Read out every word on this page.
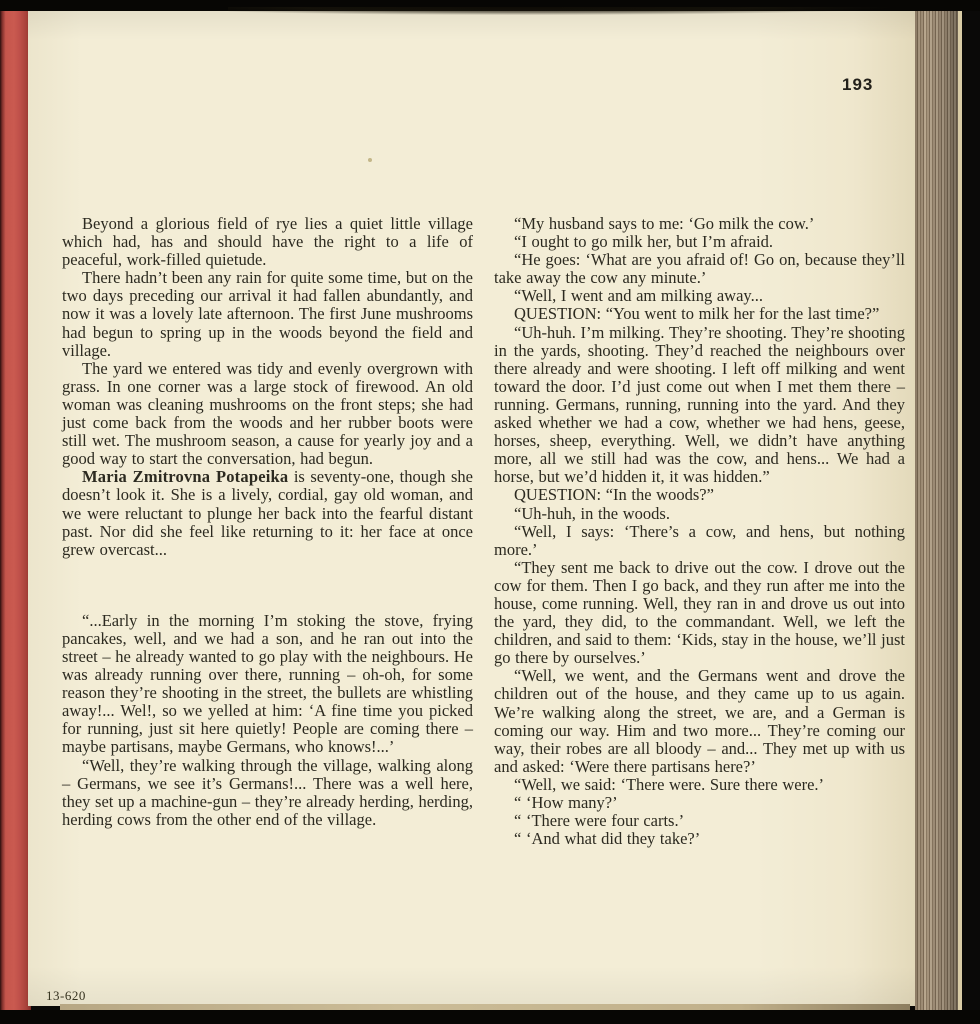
193

Beyond a glorious field of rye lies a quiet little village which had, has and should have the right to a life of peaceful, work-filled quietude.

There hadn’t been any rain for quite some time, but on the two days preceding our arrival it had fallen abundantly, and now it was a lovely late afternoon. The first June mushrooms had begun to spring up in the woods beyond the field and village.

The yard we entered was tidy and evenly overgrown with grass. In one corner was a large stock of firewood. An old woman was cleaning mushrooms on the front steps; she had just come back from the woods and her rubber boots were still wet. The mushroom season, a cause for yearly joy and a good way to start the conversation, had begun.

Maria Zmitrovna Potapeika is seventy-one, though she doesn’t look it. She is a lively, cordial, gay old woman, and we were reluctant to plunge her back into the fearful distant past. Nor did she feel like returning to it: her face at once grew overcast...

“...Early in the morning I’m stoking the stove, frying pancakes, well, and we had a son, and he ran out into the street – he already wanted to go play with the neighbours. He was already running over there, running – oh-oh, for some reason they’re shooting in the street, the bullets are whistling away!... Wel!, so we yelled at him: ‘A fine time you picked for running, just sit here quietly! People are coming there – maybe partisans, maybe Germans, who knows!...’

“Well, they’re walking through the village, walking along – Germans, we see it’s Germans!... There was a well here, they set up a machine-gun – they’re already herding, herding, herding cows from the other end of the village.

“My husband says to me: ‘Go milk the cow.’

“I ought to go milk her, but I’m afraid.

“He goes: ‘What are you afraid of! Go on, because they’ll take away the cow any minute.’

“Well, I went and am milking away...

QUESTION: “You went to milk her for the last time?”

“Uh-huh. I’m milking. They’re shooting. They’re shooting in the yards, shooting. They’d reached the neighbours over there already and were shooting. I left off milking and went toward the door. I’d just come out when I met them there – running. Germans, running, running into the yard. And they asked whether we had a cow, whether we had hens, geese, horses, sheep, everything. Well, we didn’t have anything more, all we still had was the cow, and hens... We had a horse, but we’d hidden it, it was hidden.”

QUESTION: “In the woods?”

“Uh-huh, in the woods.

“Well, I says: ‘There’s a cow, and hens, but nothing more.’

“They sent me back to drive out the cow. I drove out the cow for them. Then I go back, and they run after me into the house, come running. Well, they ran in and drove us out into the yard, they did, to the commandant. Well, we left the children, and said to them: ‘Kids, stay in the house, we’ll just go there by ourselves.’

“Well, we went, and the Germans went and drove the children out of the house, and they came up to us again. We’re walking along the street, we are, and a German is coming our way. Him and two more... They’re coming our way, their robes are all bloody – and... They met up with us and asked: ‘Were there partisans here?’

“Well, we said: ‘There were. Sure there were.’

“ ‘How many?’

“ ‘There were four carts.’

“ ‘And what did they take?’

13-620
